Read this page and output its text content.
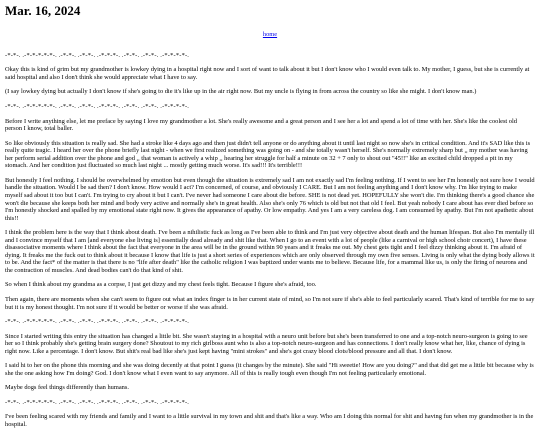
Mar. 16, 2024
home
-*-*-. .-*-*-*-*-*-. .-*-*-. .-*-*-. .-*-*-*-. .-*-*-. .-*-*-. .-*-*-*-*-.

Okay this is kind of grim but my grandmother is lowkey dying in a hospital right now and I sort of want to talk about it but I don't know who I would even talk to. My mother, I guess, but she is currently at said hospital and also I don't think she would appreciate what I have to say.

(I say lowkey dying but actually I don't know if she's going to die it's like up in the air right now. But my uncle is flying in from across the country so like she might. I don't know man.)

-*-*-. .-*-*-*-*-*-. .-*-*-. .-*-*-. .-*-*-*-. .-*-*-. .-*-*-. .-*-*-*-*-.

Before I write anything else, let me preface by saying I love my grandmother a lot. She's really awesome and a great person and I see her a lot and spend a lot of time with her. She's like the coolest old person I know, total baller.

So like obviously this situation is really sad. She had a stroke like 4 days ago and then just didn't tell anyone or do anything about it until last night so now she's in critical condition. And it's SAD like this is really quite tragic. I heard her over the phone briefly last night - when we first realized something was going on - and she totally wasn't herself. She's normally extremely sharp but ,, my mother was having her perform serial addition over the phone and god ,, that woman is actively a whip ,, hearing her struggle for half a minute on 32 + 7 only to shout out "45!!" like an excited child dropped a pit in my stomach. And her condition just fluctuated so much last night ... mostly getting much worse. It's sad!!! It's terrible!!!

But honestly I feel nothing. I should be overwhelmed by emotion but even though the situation is extremely sad I am not exactly sad I'm feeling nothing. If I went to see her I'm honestly not sure how I would handle the situation. Would I be sad then? I don't know. How would I act? I'm concerned, of course, and obviously I CARE. But I am not feeling anything and I don't know why. I'm like trying to make myself sad about it too but I can't. I'm trying to cry about it but I can't. I've never had someone I care about die before. SHE is not dead yet. HOPEFULLY she won't die. I'm thinking there's a good chance she won't die because she keeps both her mind and body very active and normally she's in great health. Also she's only 76 which is old but not that old I feel. But yeah nobody I care about has ever died before so I'm honestly shocked and spalled by my emotional state right now. It gives the appearance of apathy. Or low empathy. And yes I am a very careless dog. I am consumed by apathy. But I'm not apathetic about this!!

I think the problem here is the way that I think about death. I've been a nihilistic fuck as long as I've been able to think and I'm just very objective about death and the human lifespan. But also I'm mentally ill and I convince myself that I am [and everyone else living is] essentially dead already and shit like that. When I go to an event with a lot of people (like a carnival or high school choir concert), I have these disassociative moments where I think about the fact that everyone in the area will be in the ground within 90 years and it freaks me out. My chest gets tight and I feel dizzy thinking about it. I'm afraid of dying. It freaks me the fuck out to think about it because I know that life is just a short series of experiences which are only observed through my own five senses. Living is only what the dying body allows it to be. And the fact* of the matter is that there is no "life after death" like the catholic religion I was baptized under wants me to believe. Because life, for a mammal like us, is only the firing of neurons and the contraction of muscles. And dead bodies can't do that kind of shit.

So when I think about my grandma as a corpse, I just get dizzy and my chest feels tight. Because I figure she's afraid, too.

Then again, there are moments when she can't seem to figure out what an index finger is in her current state of mind, so I'm not sure if she's able to feel particularly scared. That's kind of terrible for me to say but it is my honest thought. I'm not sure if it would be better or worse if she was afraid.

-*-*-. .-*-*-*-*-*-. .-*-*-. .-*-*-. .-*-*-*-. .-*-*-. .-*-*-. .-*-*-*-*-.

Since I started writing this entry the situation has changed a little bit. She wasn't staying in a hospital with a neuro unit before but she's been transferred to one and a top-notch neuro-surgeon is going to see her so I think probably she's getting brain surgery done? Shoutout to my rich girlboss aunt who is also a top-notch neuro-surgeon and has connections. I don't really know what her, like, chance of dying is right now. Like a percentage. I don't know. But shit's real bad like she's just kept having "mini strokes" and she's got crazy blood clots/blood pressure and all that. I don't know.

I said hi to her on the phone this morning and she was doing decently at that point I guess (it changes by the minute). She said "Hi sweetie! How are you doing?" and that did get me a little bit because why is she the one asking how I'm doing? God. I don't know what I even want to say anymore. All of this is really tough even though I'm not feeling particularly emotional.

Maybe dogs feel things differently than humans.

-*-*-. .-*-*-*-*-*-. .-*-*-. .-*-*-. .-*-*-*-. .-*-*-. .-*-*-. .-*-*-*-*-.

I've been feeling scared with my friends and family and I want to a little survival in my town and shit and that's like a way. Who am I doing this normal for shit and having fun when my grandmother is in the hospital.
